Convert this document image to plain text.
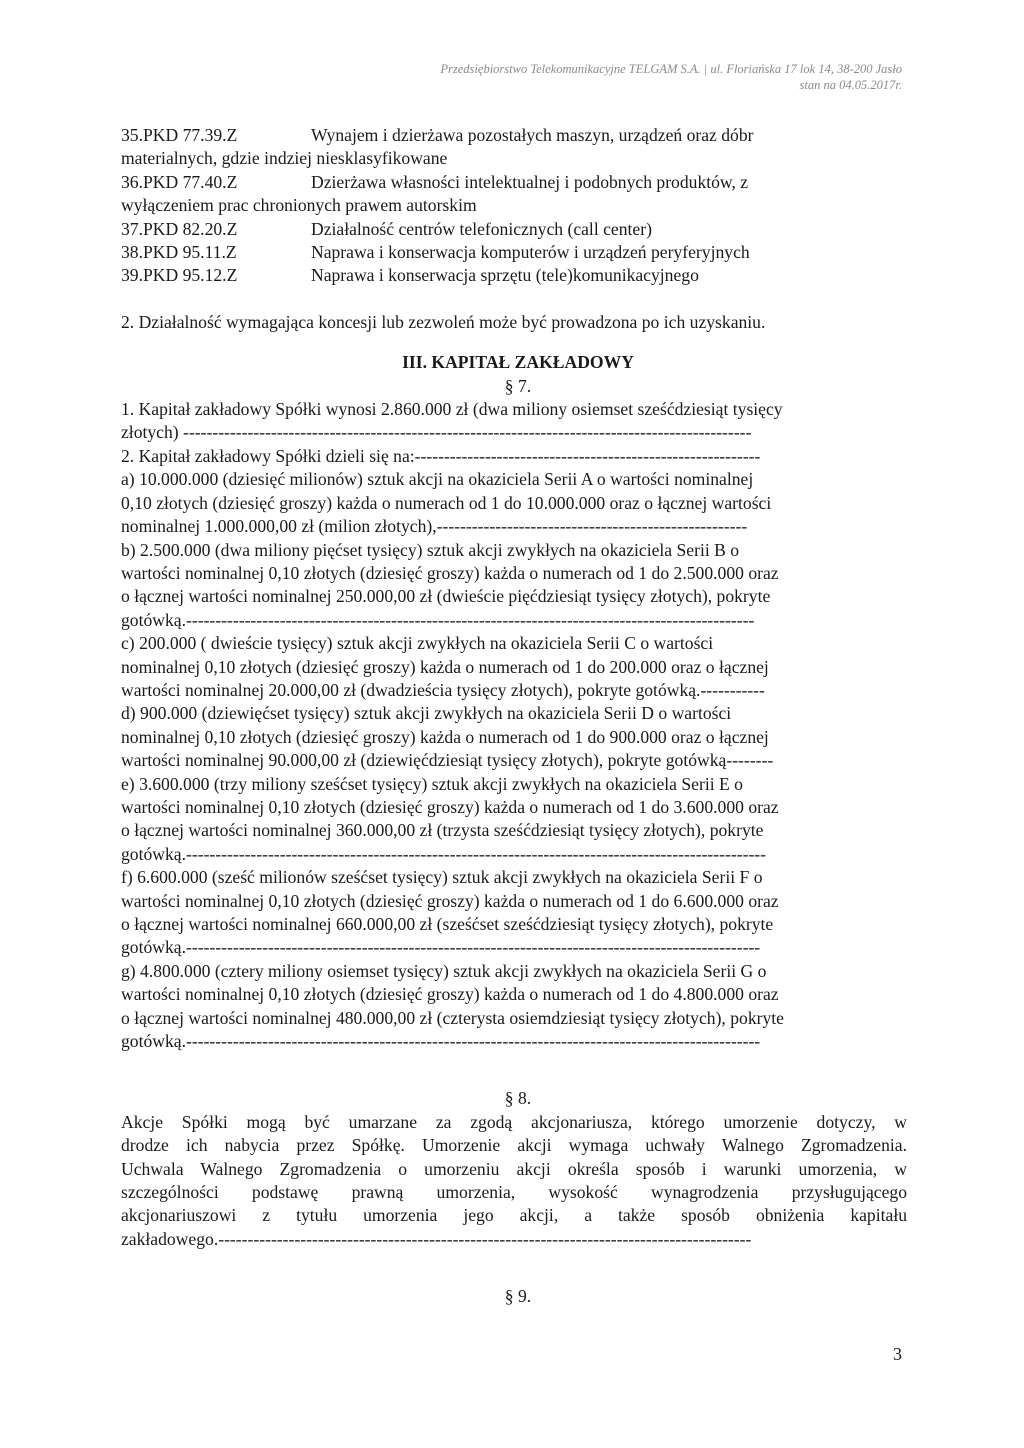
Przedsiębiorstwo Telekomunikacyjne TELGAM S.A. | ul. Floriańska 17 lok 14, 38-200 Jasło
stan na 04.05.2017r.
35.PKD 77.39.Z	Wynajem i dzierżawa pozostałych maszyn, urządzeń oraz dóbr
materialnych, gdzie indziej niesklasyfikowane
36.PKD 77.40.Z	Dzierżawa własności intelektualnej i podobnych produktów, z
wyłączeniem prac chronionych prawem autorskim
37.PKD 82.20.Z	Działalność centrów telefonicznych (call center)
38.PKD 95.11.Z	Naprawa i konserwacja komputerów i urządzeń peryferyjnych
39.PKD 95.12.Z	Naprawa i konserwacja sprzętu (tele)komunikacyjnego
2. Działalność wymagająca koncesji lub zezwoleń może być prowadzona po ich uzyskaniu.
III. KAPITAŁ ZAKŁADOWY
§ 7.
1. Kapitał zakładowy Spółki wynosi 2.860.000 zł (dwa miliony osiemset sześćdziesiąt tysięcy
złotych) -------------------------------------------------------------------------------------------------
2. Kapitał zakładowy Spółki dzieli się na:-----------------------------------------------------------
a) 10.000.000 (dziesięć milionów) sztuk akcji na okaziciela Serii A o wartości nominalnej
0,10 złotych (dziesięć groszy) każda o numerach od 1 do 10.000.000 oraz o łącznej wartości
nominalnej 1.000.000,00 zł (milion złotych),-----------------------------------------------------
b) 2.500.000 (dwa miliony pięćset tysięcy) sztuk akcji zwykłych na okaziciela Serii B o
wartości nominalnej 0,10 złotych (dziesięć groszy) każda o numerach od 1 do 2.500.000 oraz
o łącznej wartości nominalnej 250.000,00 zł (dwieście pięćdziesiąt tysięcy złotych), pokryte
gotówką.-------------------------------------------------------------------------------------------------
c) 200.000 ( dwieście tysięcy) sztuk akcji zwykłych na okaziciela Serii C o wartości
nominalnej 0,10 złotych (dziesięć groszy) każda o numerach od 1 do 200.000 oraz o łącznej
wartości nominalnej 20.000,00 zł (dwadzieścia tysięcy złotych), pokryte gotówką.-----------
d) 900.000 (dziewięćset tysięcy) sztuk akcji zwykłych na okaziciela Serii D o wartości
nominalnej 0,10 złotych (dziesięć groszy) każda o numerach od 1 do 900.000 oraz o łącznej
wartości nominalnej 90.000,00 zł (dziewięćdziesiąt tysięcy złotych), pokryte gotówką--------
e) 3.600.000 (trzy miliony sześćset tysięcy) sztuk akcji zwykłych na okaziciela Serii E o
wartości nominalnej 0,10 złotych (dziesięć groszy) każda o numerach od 1 do 3.600.000 oraz
o łącznej wartości nominalnej 360.000,00 zł (trzysta sześćdziesiąt tysięcy złotych), pokryte
gotówką.---------------------------------------------------------------------------------------------------
f) 6.600.000 (sześć milionów sześćset tysięcy) sztuk akcji zwykłych na okaziciela Serii F o
wartości nominalnej 0,10 złotych (dziesięć groszy) każda o numerach od 1 do 6.600.000 oraz
o łącznej wartości nominalnej 660.000,00 zł (sześćset sześćdziesiąt tysięcy złotych), pokryte
gotówką.--------------------------------------------------------------------------------------------------
g) 4.800.000 (cztery miliony osiemset tysięcy) sztuk akcji zwykłych na okaziciela Serii G o
wartości nominalnej 0,10 złotych (dziesięć groszy) każda o numerach od 1 do 4.800.000 oraz
o łącznej wartości nominalnej 480.000,00 zł (czterysta osiemdziesiąt tysięcy złotych), pokryte
gotówką.--------------------------------------------------------------------------------------------------
§ 8.
Akcje Spółki mogą być umarzane za zgodą akcjonariusza, którego umorzenie dotyczy, w
drodze ich nabycia przez Spółkę. Umorzenie akcji wymaga uchwały Walnego Zgromadzenia.
Uchwala Walnego Zgromadzenia o umorzeniu akcji określa sposób i warunki umorzenia, w
szczególności podstawę prawną umorzenia, wysokość wynagrodzenia przysługującego
akcjonariuszowi z tytułu umorzenia jego akcji, a także sposób obniżenia kapitału
zakładowego.-------------------------------------------------------------------------------------------
§ 9.
3
